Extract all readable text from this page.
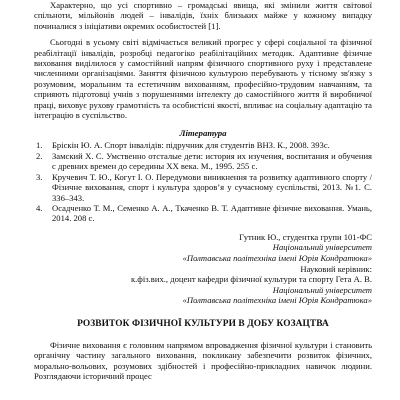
Характерно, що усі спортивно – громадські явища, які змінили життя світової спільноти, мільйонів людей – інвалідів, їхніх близьких майже у кожному випадку починалися з ініціативи окремих особистостей [1].

Сьогодні в усьому світі відмічається великий прогрес у сфері соціальної та фізичної реабілітації інвалідів, розробці педагогіко реабілітаційних методик. Адаптивне фізичне виховання виділилося у самостійний напрям фізичного спортивного руху і представлене численними організаціями. Заняття фізичною культурою перебувають у тісному зв'язку з розумовим, моральним та естетичним вихованням, професійно-трудовим навчанням, та сприяють підготовці учнів з порушеннями інтелекту до самостійного життя й виробничої праці, виховує рухову грамотність та особистісні якості, впливає на соціальну адаптацію та інтеграцію в суспільство.

Література
1.	Брiскiн Ю. А. Спорт iнвалiдiв: пiдручник для студентiв ВНЗ. К., 2008. 393с.
2.	Замский Х. С. Умственно отсталые дети: история их изучения, воспитания и обучения с древних времен до середины XX века. М., 1995. 255 с.
3.	Кручевич Т. Ю., Когут І. О. Передумови виникнення та розвитку адаптивного спорту / Фізичне виховання, спорт і культура здоров’я у сучасному суспільстві, 2013. №1. С. 336–343.
4.	Осадченко Т. М., Семенко А. А., Ткаченко В. Т. Адаптивне фізичне виховання. Умань, 2014. 208 с.
Гутник Ю., студентка групи 101-ФС
Національний університет
«Полтавська політехніка імені Юрія Кондратюка»
Науковий керівник:
к.фіз.вих., доцент кафедри фізичної культури та спорту Гета А. В.
Національний університет
«Полтавська політехніка імені Юрія Кондратюка»
РОЗВИТОК ФІЗИЧНОЇ КУЛЬТУРИ В ДОБУ КОЗАЦТВА

Фізичне виховання є головним напрямом впровадження фізичної культури і становить органічну частину загального виховання, покликану забезпечити розвиток фізичних, морально-вольових, розумових здібностей і професійно-прикладних навичок людини. Розглядаючи історичний процес
